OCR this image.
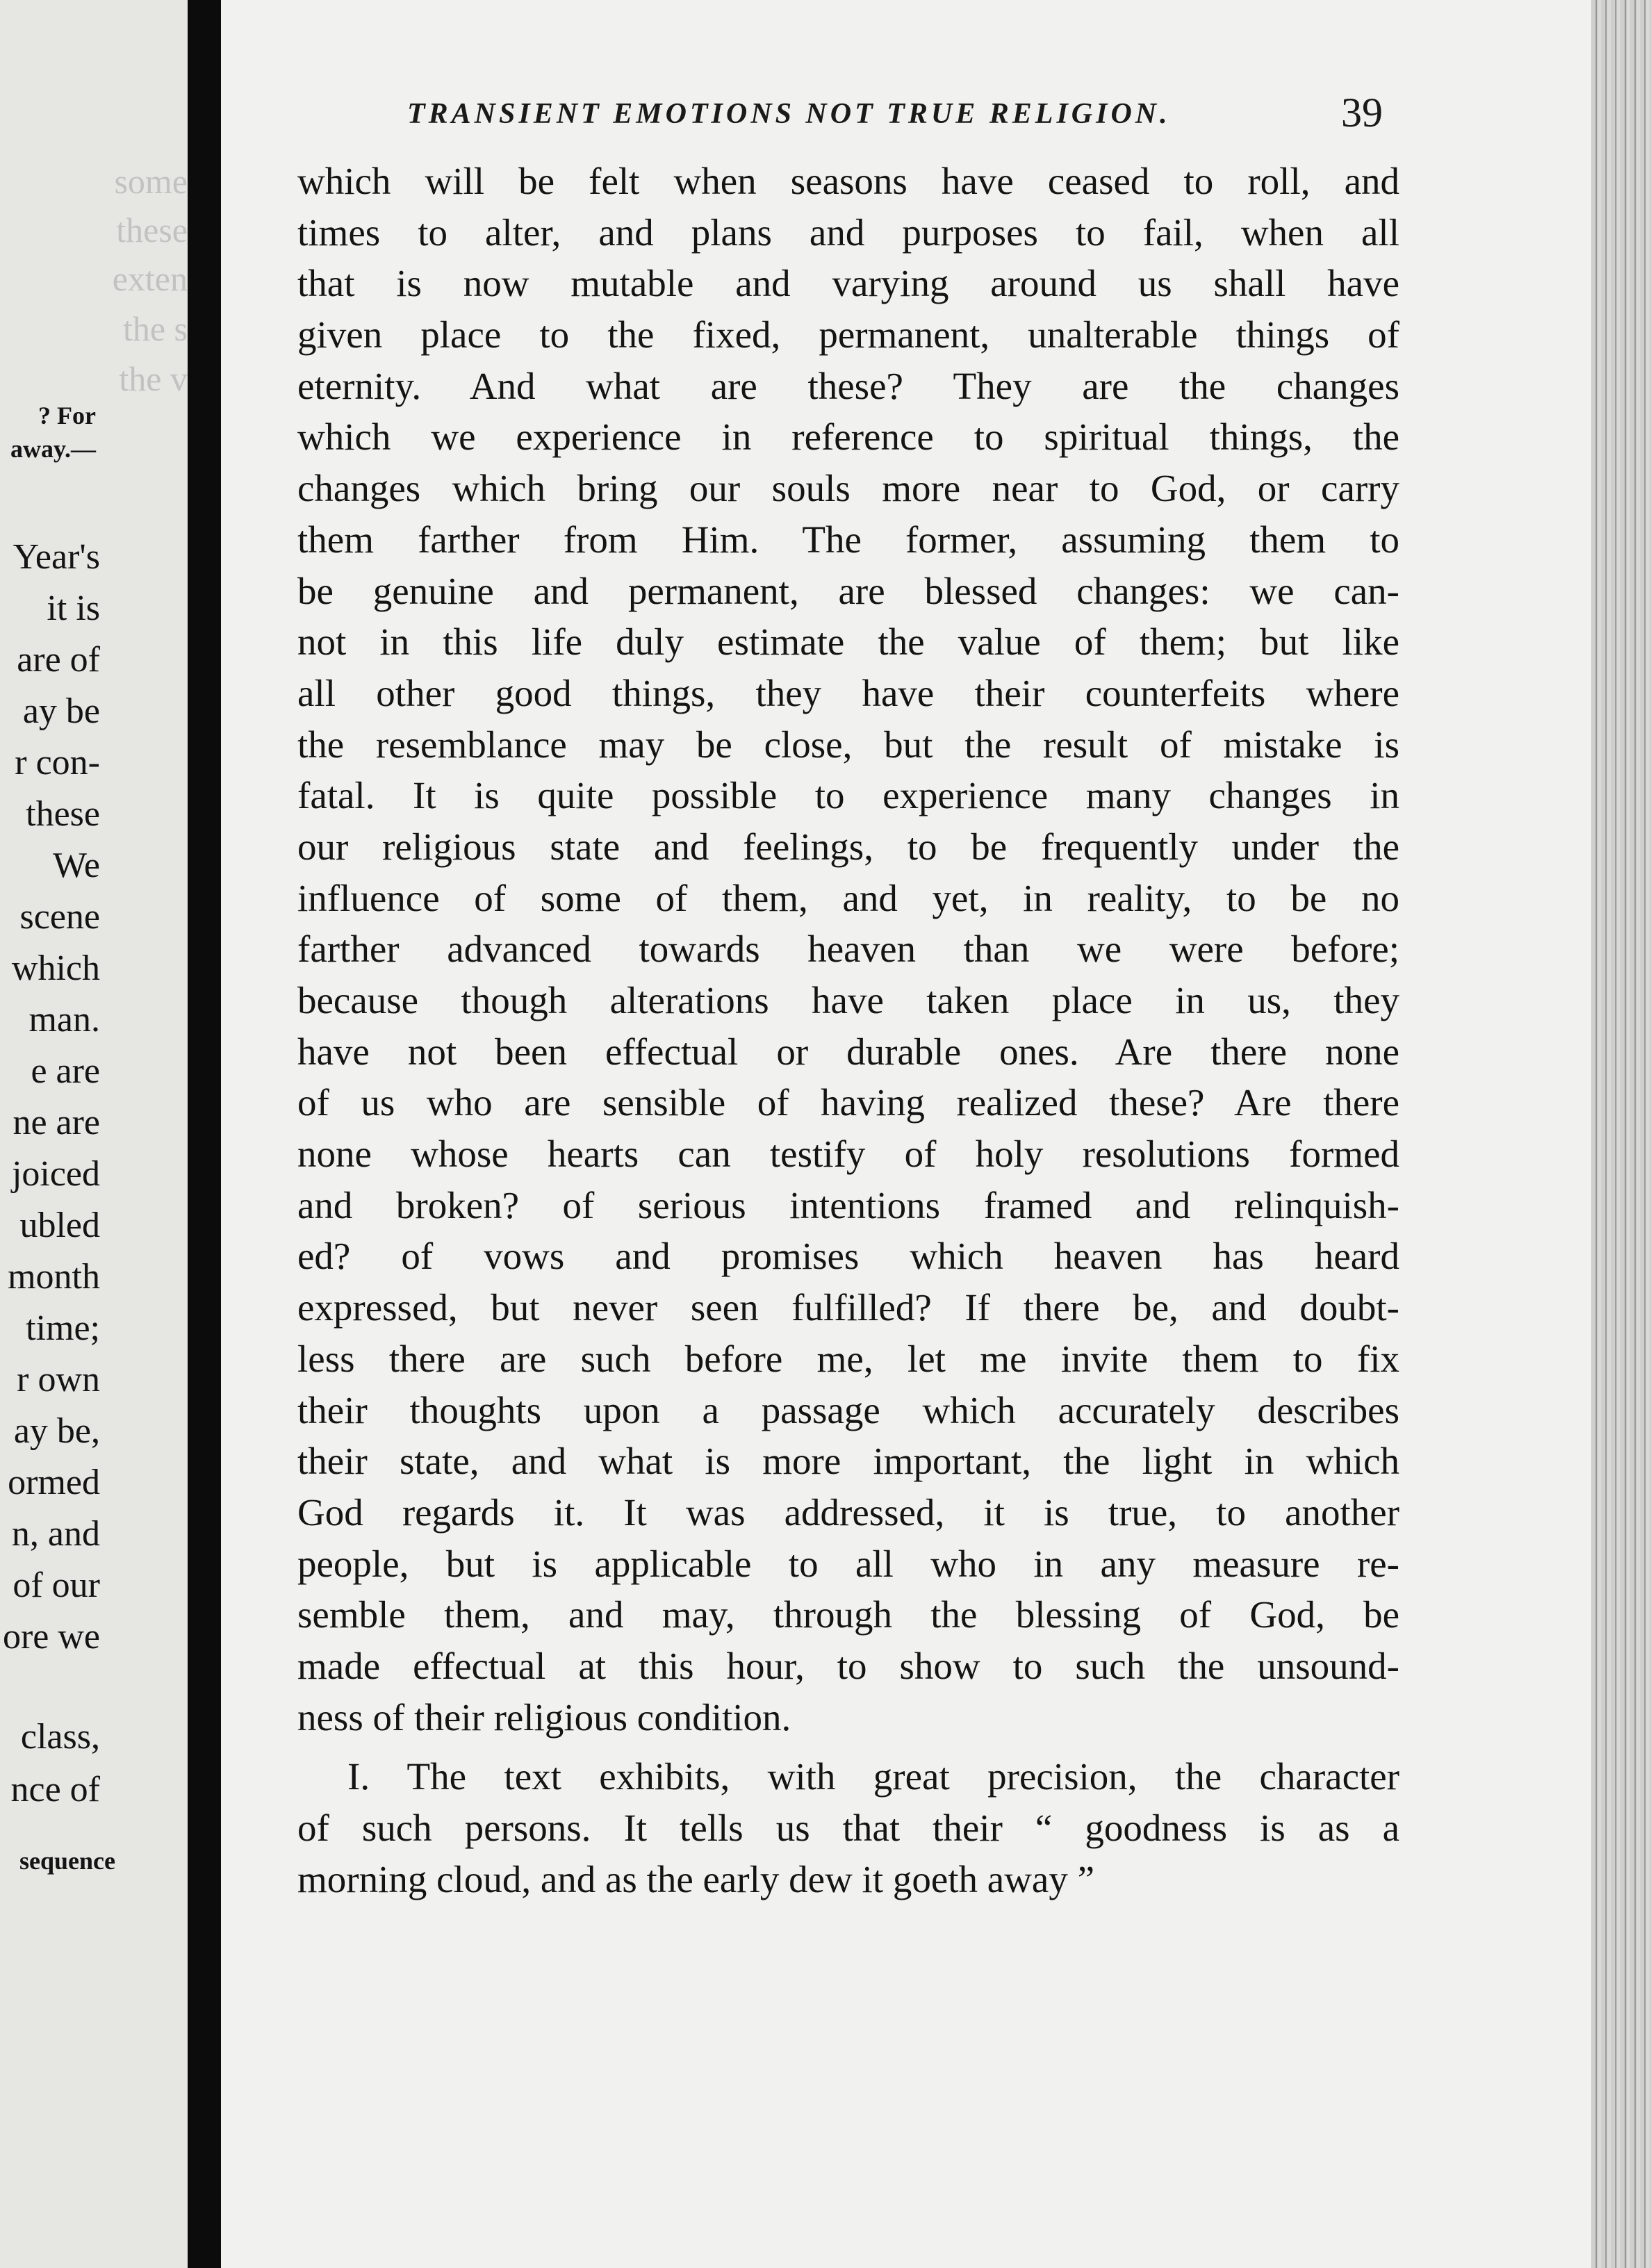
some
these
exten
the s
the v
? For
away.—
Year's
it is
are of
ay be
r con-
these
We
scene
which
man.
e are
ne are
joiced
ubled
month
time;
r own
ay be,
ormed
n, and
of our
ore we
class,
nce of
sequence
TRANSIENT EMOTIONS NOT TRUE RELIGION.	39
which will be felt when seasons have ceased to roll, and
times to alter, and plans and purposes to fail, when all
that is now mutable and varying around us shall have
given place to the fixed, permanent, unalterable things of
eternity. And what are these? They are the changes
which we experience in reference to spiritual things, the
changes which bring our souls more near to God, or carry
them farther from Him. The former, assuming them to
be genuine and permanent, are blessed changes: we can-
not in this life duly estimate the value of them; but like
all other good things, they have their counterfeits where
the resemblance may be close, but the result of mistake is
fatal. It is quite possible to experience many changes in
our religious state and feelings, to be frequently under the
influence of some of them, and yet, in reality, to be no
farther advanced towards heaven than we were before;
because though alterations have taken place in us, they
have not been effectual or durable ones. Are there none
of us who are sensible of having realized these? Are there
none whose hearts can testify of holy resolutions formed
and broken? of serious intentions framed and relinquish-
ed? of vows and promises which heaven has heard
expressed, but never seen fulfilled? If there be, and doubt-
less there are such before me, let me invite them to fix
their thoughts upon a passage which accurately describes
their state, and what is more important, the light in which
God regards it. It was addressed, it is true, to another
people, but is applicable to all who in any measure re-
semble them, and may, through the blessing of God, be
made effectual at this hour, to show to such the unsound-
ness of their religious condition.
I. The text exhibits, with great precision, the character
of such persons. It tells us that their “ goodness is as a
morning cloud, and as the early dew it goeth away ”
